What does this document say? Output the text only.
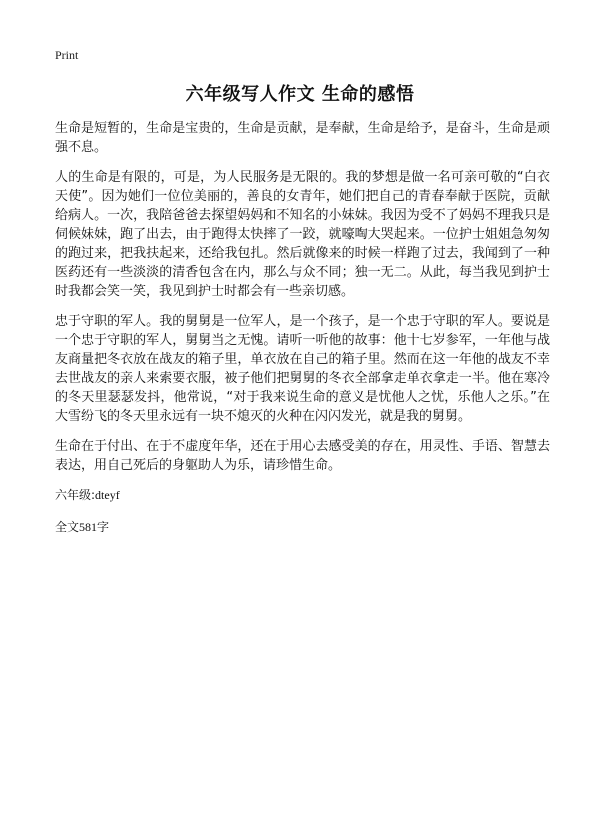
Print
六年级写人作文 生命的感悟

生命是短暂的，生命是宝贵的，生命是贡献，是奉献，生命是给予，是奋斗，生命是顽强不息。

人的生命是有限的，可是，为人民服务是无限的。我的梦想是做一名可亲可敬的“白衣天使”。因为她们一位位美丽的，善良的女青年，她们把自己的青春奉献于医院，贡献给病人。一次，我陪爸爸去探望妈妈和不知名的小妹妹。我因为受不了妈妈不理我只是伺候妹妹，跑了出去，由于跑得太快摔了一跤，就嚎啕大哭起来。一位护士姐姐急匆匆的跑过来，把我扶起来，还给我包扎。然后就像来的时候一样跑了过去，我闻到了一种医药还有一些淡淡的清香包含在内，那么与众不同；独一无二。从此，每当我见到护士时我都会笑一笑，我见到护士时都会有一些亲切感。

忠于守职的军人。我的舅舅是一位军人，是一个孩子，是一个忠于守职的军人。要说是一个忠于守职的军人，舅舅当之无愧。请听一听他的故事：他十七岁参军，一年他与战友商量把冬衣放在战友的箱子里，单衣放在自己的箱子里。然而在这一年他的战友不幸去世战友的亲人来索要衣服，被子他们把舅舅的冬衣全部拿走单衣拿走一半。他在寒冷的冬天里瑟瑟发抖，他常说，“对于我来说生命的意义是忧他人之忧，乐他人之乐。”在大雪纷飞的冬天里永远有一块不熄灭的火种在闪闪发光，就是我的舅舅。

生命在于付出、在于不虚度年华，还在于用心去感受美的存在，用灵性、手语、智慧去表达，用自己死后的身躯助人为乐，请珍惜生命。

六年级:dteyf
全文581字
